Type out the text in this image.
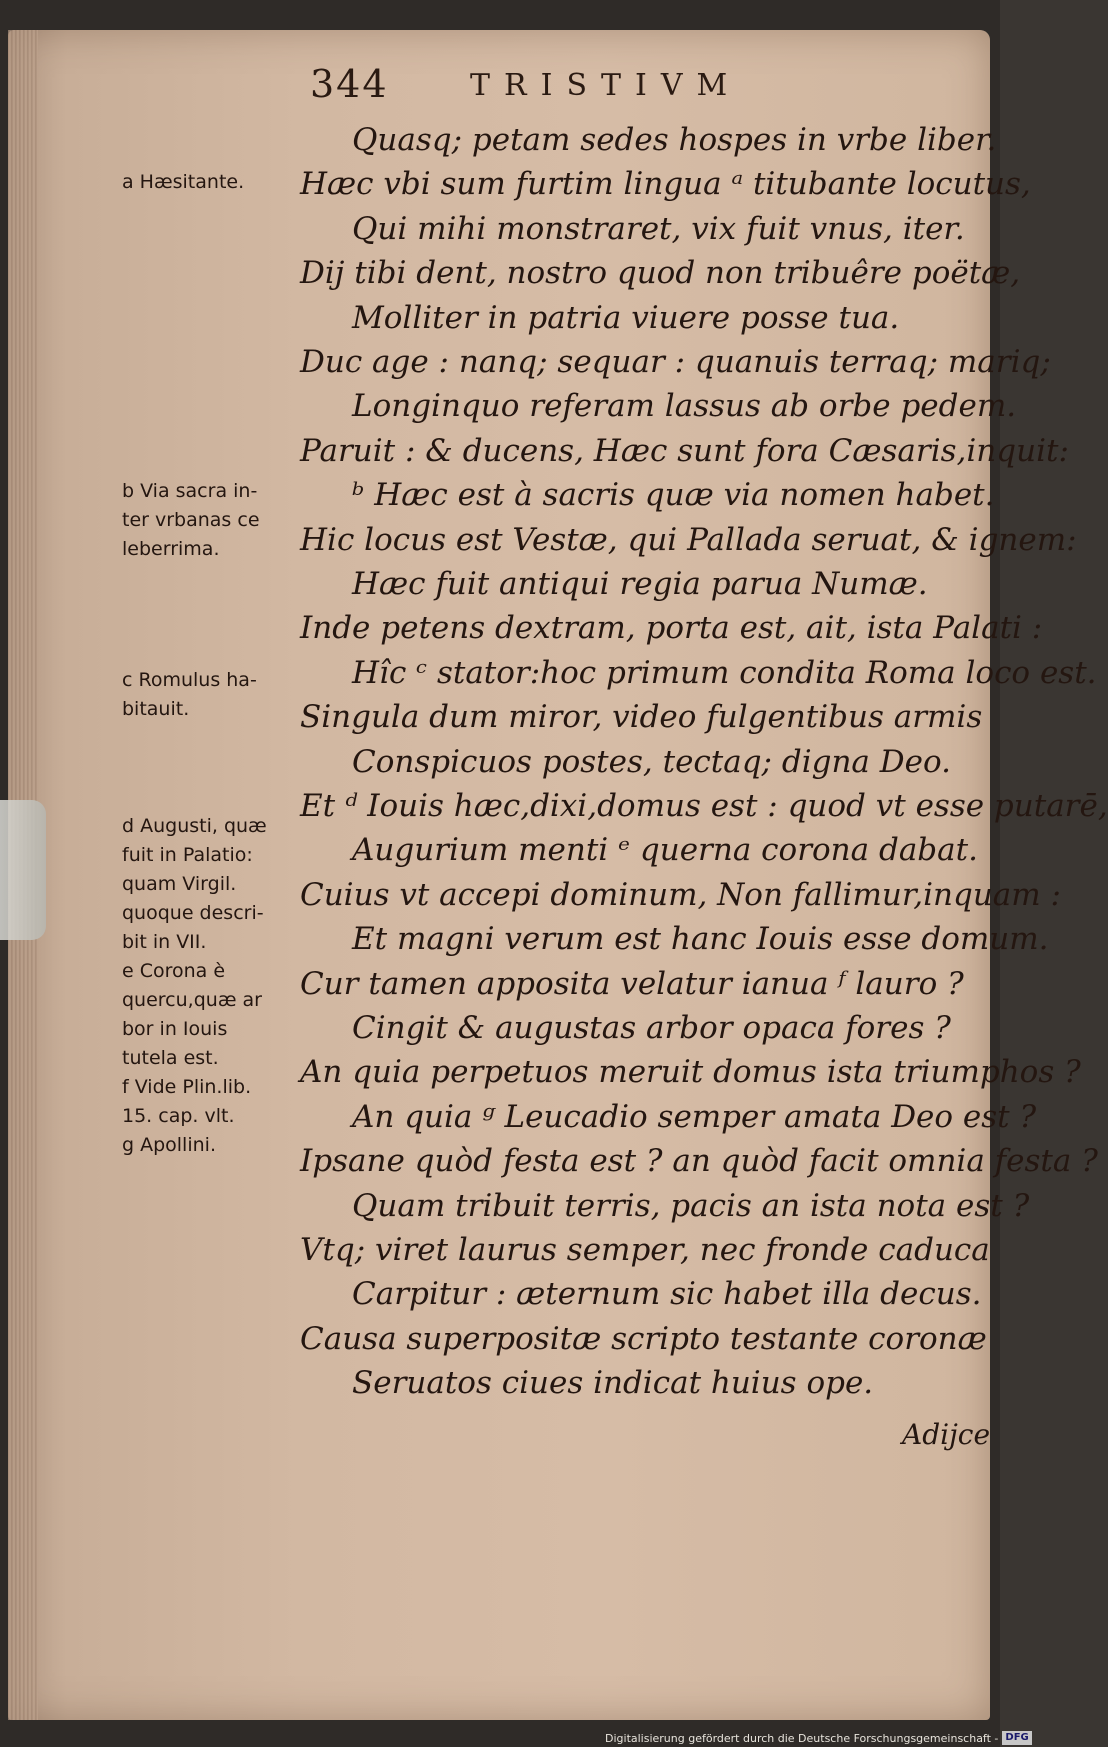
344	TRISTIVM
Quasq; petam sedes hospes in vrbe liber.
Hæc vbi sum furtim lingua ᵃ titubante locutus,
Qui mihi monstraret, vix fuit vnus, iter.
Dij tibi dent, nostro quod non tribuêre poëtæ,
Molliter in patria viuere posse tua.
Duc age : nanq; sequar : quanuis terraq; mariq;
Longinquo referam lassus ab orbe pedem.
Paruit : & ducens, Hæc sunt fora Cæsaris,inquit:
ᵇ Hæc est à sacris quæ via nomen habet.
Hic locus est Vestæ, qui Pallada seruat, & ignem:
Hæc fuit antiqui regia parua Numæ.
Inde petens dextram, porta est, ait, ista Palati :
Hîc ᶜ stator:hoc primum condita Roma loco est.
Singula dum miror, video fulgentibus armis
Conspicuos postes, tectaq; digna Deo.
Et ᵈ Iouis hæc,dixi,domus est : quod vt esse putarē,
Augurium menti ᵉ querna corona dabat.
Cuius vt accepi dominum, Non fallimur,inquam :
Et magni verum est hanc Iouis esse domum.
Cur tamen apposita velatur ianua ᶠ lauro ?
Cingit & augustas arbor opaca fores ?
An quia perpetuos meruit domus ista triumphos ?
An quia ᵍ Leucadio semper amata Deo est ?
Ipsane quòd festa est ? an quòd facit omnia festa ?
Quam tribuit terris, pacis an ista nota est ?
Vtq; viret laurus semper, nec fronde caduca
Carpitur : æternum sic habet illa decus.
Causa superpositæ scripto testante coronæ
Seruatos ciues indicat huius ope.
a Hæsitante.
b Via sacra in-
ter vrbanas ce
leberrima.
c Romulus ha-
bitauit.
d Augusti, quæ
fuit in Palatio:
quam Virgil.
quoque descri-
bit in VII.
e Corona è
quercu,quæ ar
bor in Iouis
tutela est.
f Vide Plin.lib.
15. cap. vlt.
g Apollini.
Adijce
Digitalisierung gefördert durch die Deutsche Forschungsgemeinschaft - DFG
